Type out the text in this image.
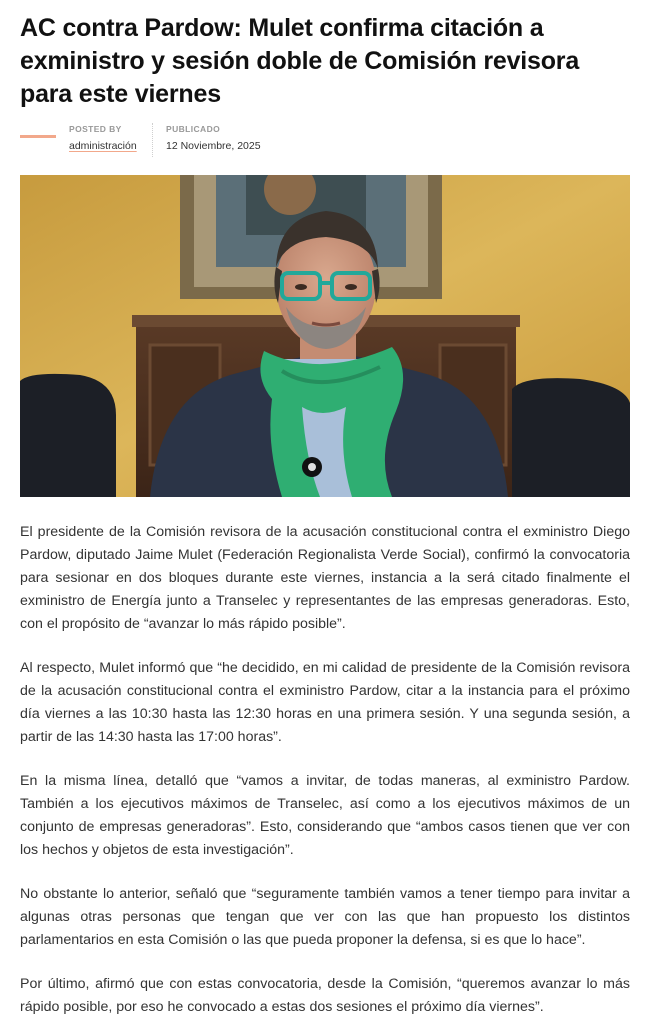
AC contra Pardow: Mulet confirma citación a exministro y sesión doble de Comisión revisora para este viernes
POSTED BY
administración
PUBLICADO
12 Noviembre, 2025

El presidente de la Comisión revisora de la acusación constitucional contra el exministro Diego Pardow, diputado Jaime Mulet (Federación Regionalista Verde Social), confirmó la convocatoria para sesionar en dos bloques durante este viernes, instancia a la será citado finalmente el exministro de Energía junto a Transelec y representantes de las empresas generadoras. Esto, con el propósito de “avanzar lo más rápido posible”.

Al respecto, Mulet informó que “he decidido, en mi calidad de presidente de la Comisión revisora de la acusación constitucional contra el exministro Pardow, citar a la instancia para el próximo día viernes a las 10:30 hasta las 12:30 horas en una primera sesión. Y una segunda sesión, a partir de las 14:30 hasta las 17:00 horas”.

En la misma línea, detalló que “vamos a invitar, de todas maneras, al exministro Pardow. También a los ejecutivos máximos de Transelec, así como a los ejecutivos máximos de un conjunto de empresas generadoras”. Esto, considerando que “ambos casos tienen que ver con los hechos y objetos de esta investigación”.

No obstante lo anterior, señaló que “seguramente también vamos a tener tiempo para invitar a algunas otras personas que tengan que ver con las que han propuesto los distintos parlamentarios en esta Comisión o las que pueda proponer la defensa, si es que lo hace”.

Por último, afirmó que con estas convocatoria, desde la Comisión, “queremos avanzar lo más rápido posible, por eso he convocado a estas dos sesiones el próximo día viernes”.
